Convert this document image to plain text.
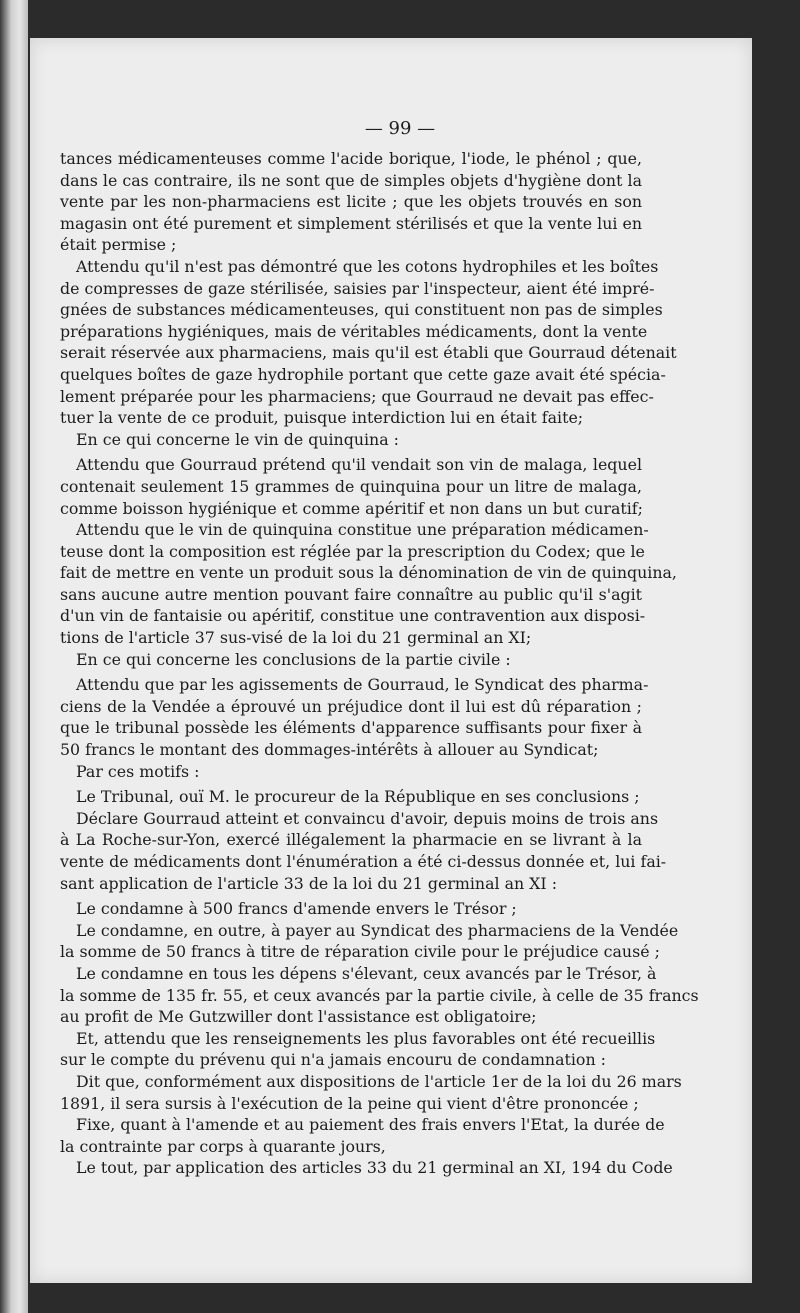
— 99 —
tances médicamenteuses comme l'acide borique, l'iode, le phénol ; que,
dans le cas contraire, ils ne sont que de simples objets d'hygiène dont la
vente par les non-pharmaciens est licite ; que les objets trouvés en son
magasin ont été purement et simplement stérilisés et que la vente lui en
était permise ;
Attendu qu'il n'est pas démontré que les cotons hydrophiles et les boîtes
de compresses de gaze stérilisée, saisies par l'inspecteur, aient été impré-
gnées de substances médicamenteuses, qui constituent non pas de simples
préparations hygiéniques, mais de véritables médicaments, dont la vente
serait réservée aux pharmaciens, mais qu'il est établi que Gourraud détenait
quelques boîtes de gaze hydrophile portant que cette gaze avait été spécia-
lement préparée pour les pharmaciens; que Gourraud ne devait pas effec-
tuer la vente de ce produit, puisque interdiction lui en était faite;
En ce qui concerne le vin de quinquina :
Attendu que Gourraud prétend qu'il vendait son vin de malaga, lequel
contenait seulement 15 grammes de quinquina pour un litre de malaga,
comme boisson hygiénique et comme apéritif et non dans un but curatif;
Attendu que le vin de quinquina constitue une préparation médicamen-
teuse dont la composition est réglée par la prescription du Codex; que le
fait de mettre en vente un produit sous la dénomination de vin de quinquina,
sans aucune autre mention pouvant faire connaître au public qu'il s'agit
d'un vin de fantaisie ou apéritif, constitue une contravention aux disposi-
tions de l'article 37 sus-visé de la loi du 21 germinal an XI;
En ce qui concerne les conclusions de la partie civile :
Attendu que par les agissements de Gourraud, le Syndicat des pharma-
ciens de la Vendée a éprouvé un préjudice dont il lui est dû réparation ;
que le tribunal possède les éléments d'apparence suffisants pour fixer à
50 francs le montant des dommages-intérêts à allouer au Syndicat;
Par ces motifs :
Le Tribunal, ouï M. le procureur de la République en ses conclusions ;
Déclare Gourraud atteint et convaincu d'avoir, depuis moins de trois ans
à La Roche-sur-Yon, exercé illégalement la pharmacie en se livrant à la
vente de médicaments dont l'énumération a été ci-dessus donnée et, lui fai-
sant application de l'article 33 de la loi du 21 germinal an XI :
Le condamne à 500 francs d'amende envers le Trésor ;
Le condamne, en outre, à payer au Syndicat des pharmaciens de la Vendée
la somme de 50 francs à titre de réparation civile pour le préjudice causé ;
Le condamne en tous les dépens s'élevant, ceux avancés par le Trésor, à
la somme de 135 fr. 55, et ceux avancés par la partie civile, à celle de 35 francs
au profit de Me Gutzwiller dont l'assistance est obligatoire;
Et, attendu que les renseignements les plus favorables ont été recueillis
sur le compte du prévenu qui n'a jamais encouru de condamnation :
Dit que, conformément aux dispositions de l'article 1er de la loi du 26 mars
1891, il sera sursis à l'exécution de la peine qui vient d'être prononcée ;
Fixe, quant à l'amende et au paiement des frais envers l'Etat, la durée de
la contrainte par corps à quarante jours,
Le tout, par application des articles 33 du 21 germinal an XI, 194 du Code
